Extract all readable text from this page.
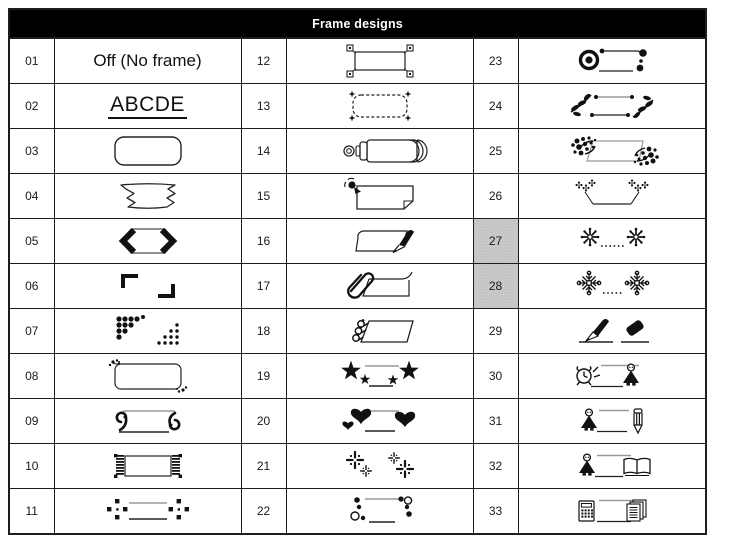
Frame designs					
01	Off (No frame)	12		23	

02	ABCDE	13		24	

03		14		25	

04		15		26	

05		16		27	

06		17		28	

07		18		29	

08		19		30	

09		20		31	

10		21		32	

11		22		33	
